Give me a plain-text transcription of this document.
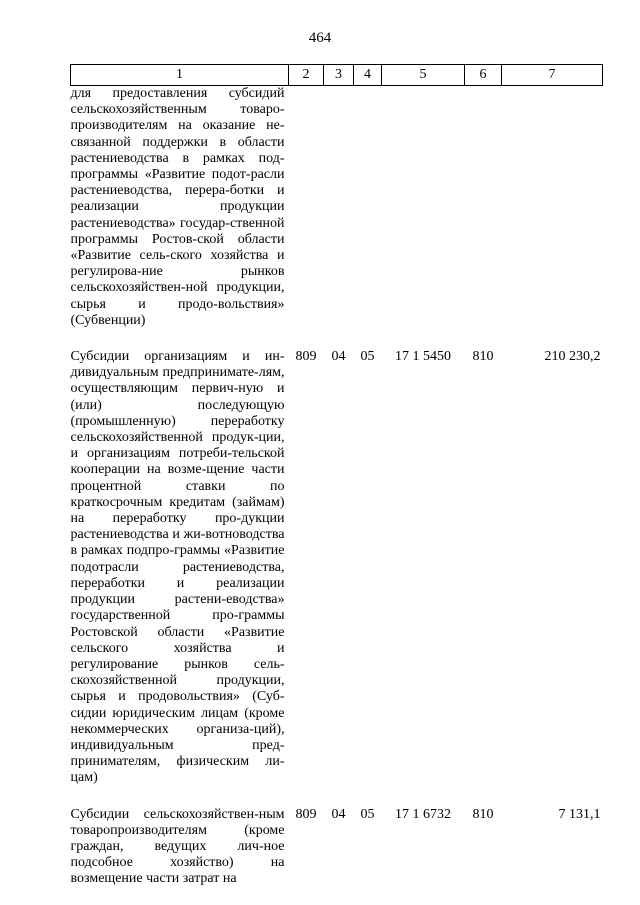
464
1	2	3	4	5	6	7
для предоставления субсидий сельскохозяйственным товаро-производителям на оказание не-связанной поддержки в области растениеводства в рамках под-программы «Развитие подот-расли растениеводства, перера-ботки и реализации продукции растениеводства» государ-ственной программы Ростов-ской области «Развитие сель-ского хозяйства и регулирова-ние рынков сельскохозяйствен-ной продукции, сырья и продо-вольствия» (Субвенции)						

Субсидии организациям и ин-дивидуальным предпринимате-лям, осуществляющим первич-ную и (или) последующую (промышленную) переработку сельскохозяйственной продук-ции, и организациям потреби-тельской кооперации на возме-щение части процентной ставки по краткосрочным кредитам (займам) на переработку про-дукции растениеводства и жи-вотноводства в рамках подпро-граммы «Развитие подотрасли растениеводства, переработки и реализации продукции растени-еводства» государственной про-граммы Ростовской области «Развитие сельского хозяйства и регулирование рынков сель-скохозяйственной продукции, сырья и продовольствия» (Суб-сидии юридическим лицам (кроме некоммерческих организа-ций), индивидуальным пред-принимателям, физическим ли-цам)	809	04	05	17 1 5450	810	210 230,2

Субсидии сельскохозяйствен-ным товаропроизводителям (кроме граждан, ведущих лич-ное подсобное хозяйство) на возмещение части затрат на	809	04	05	17 1 6732	810	7 131,1
